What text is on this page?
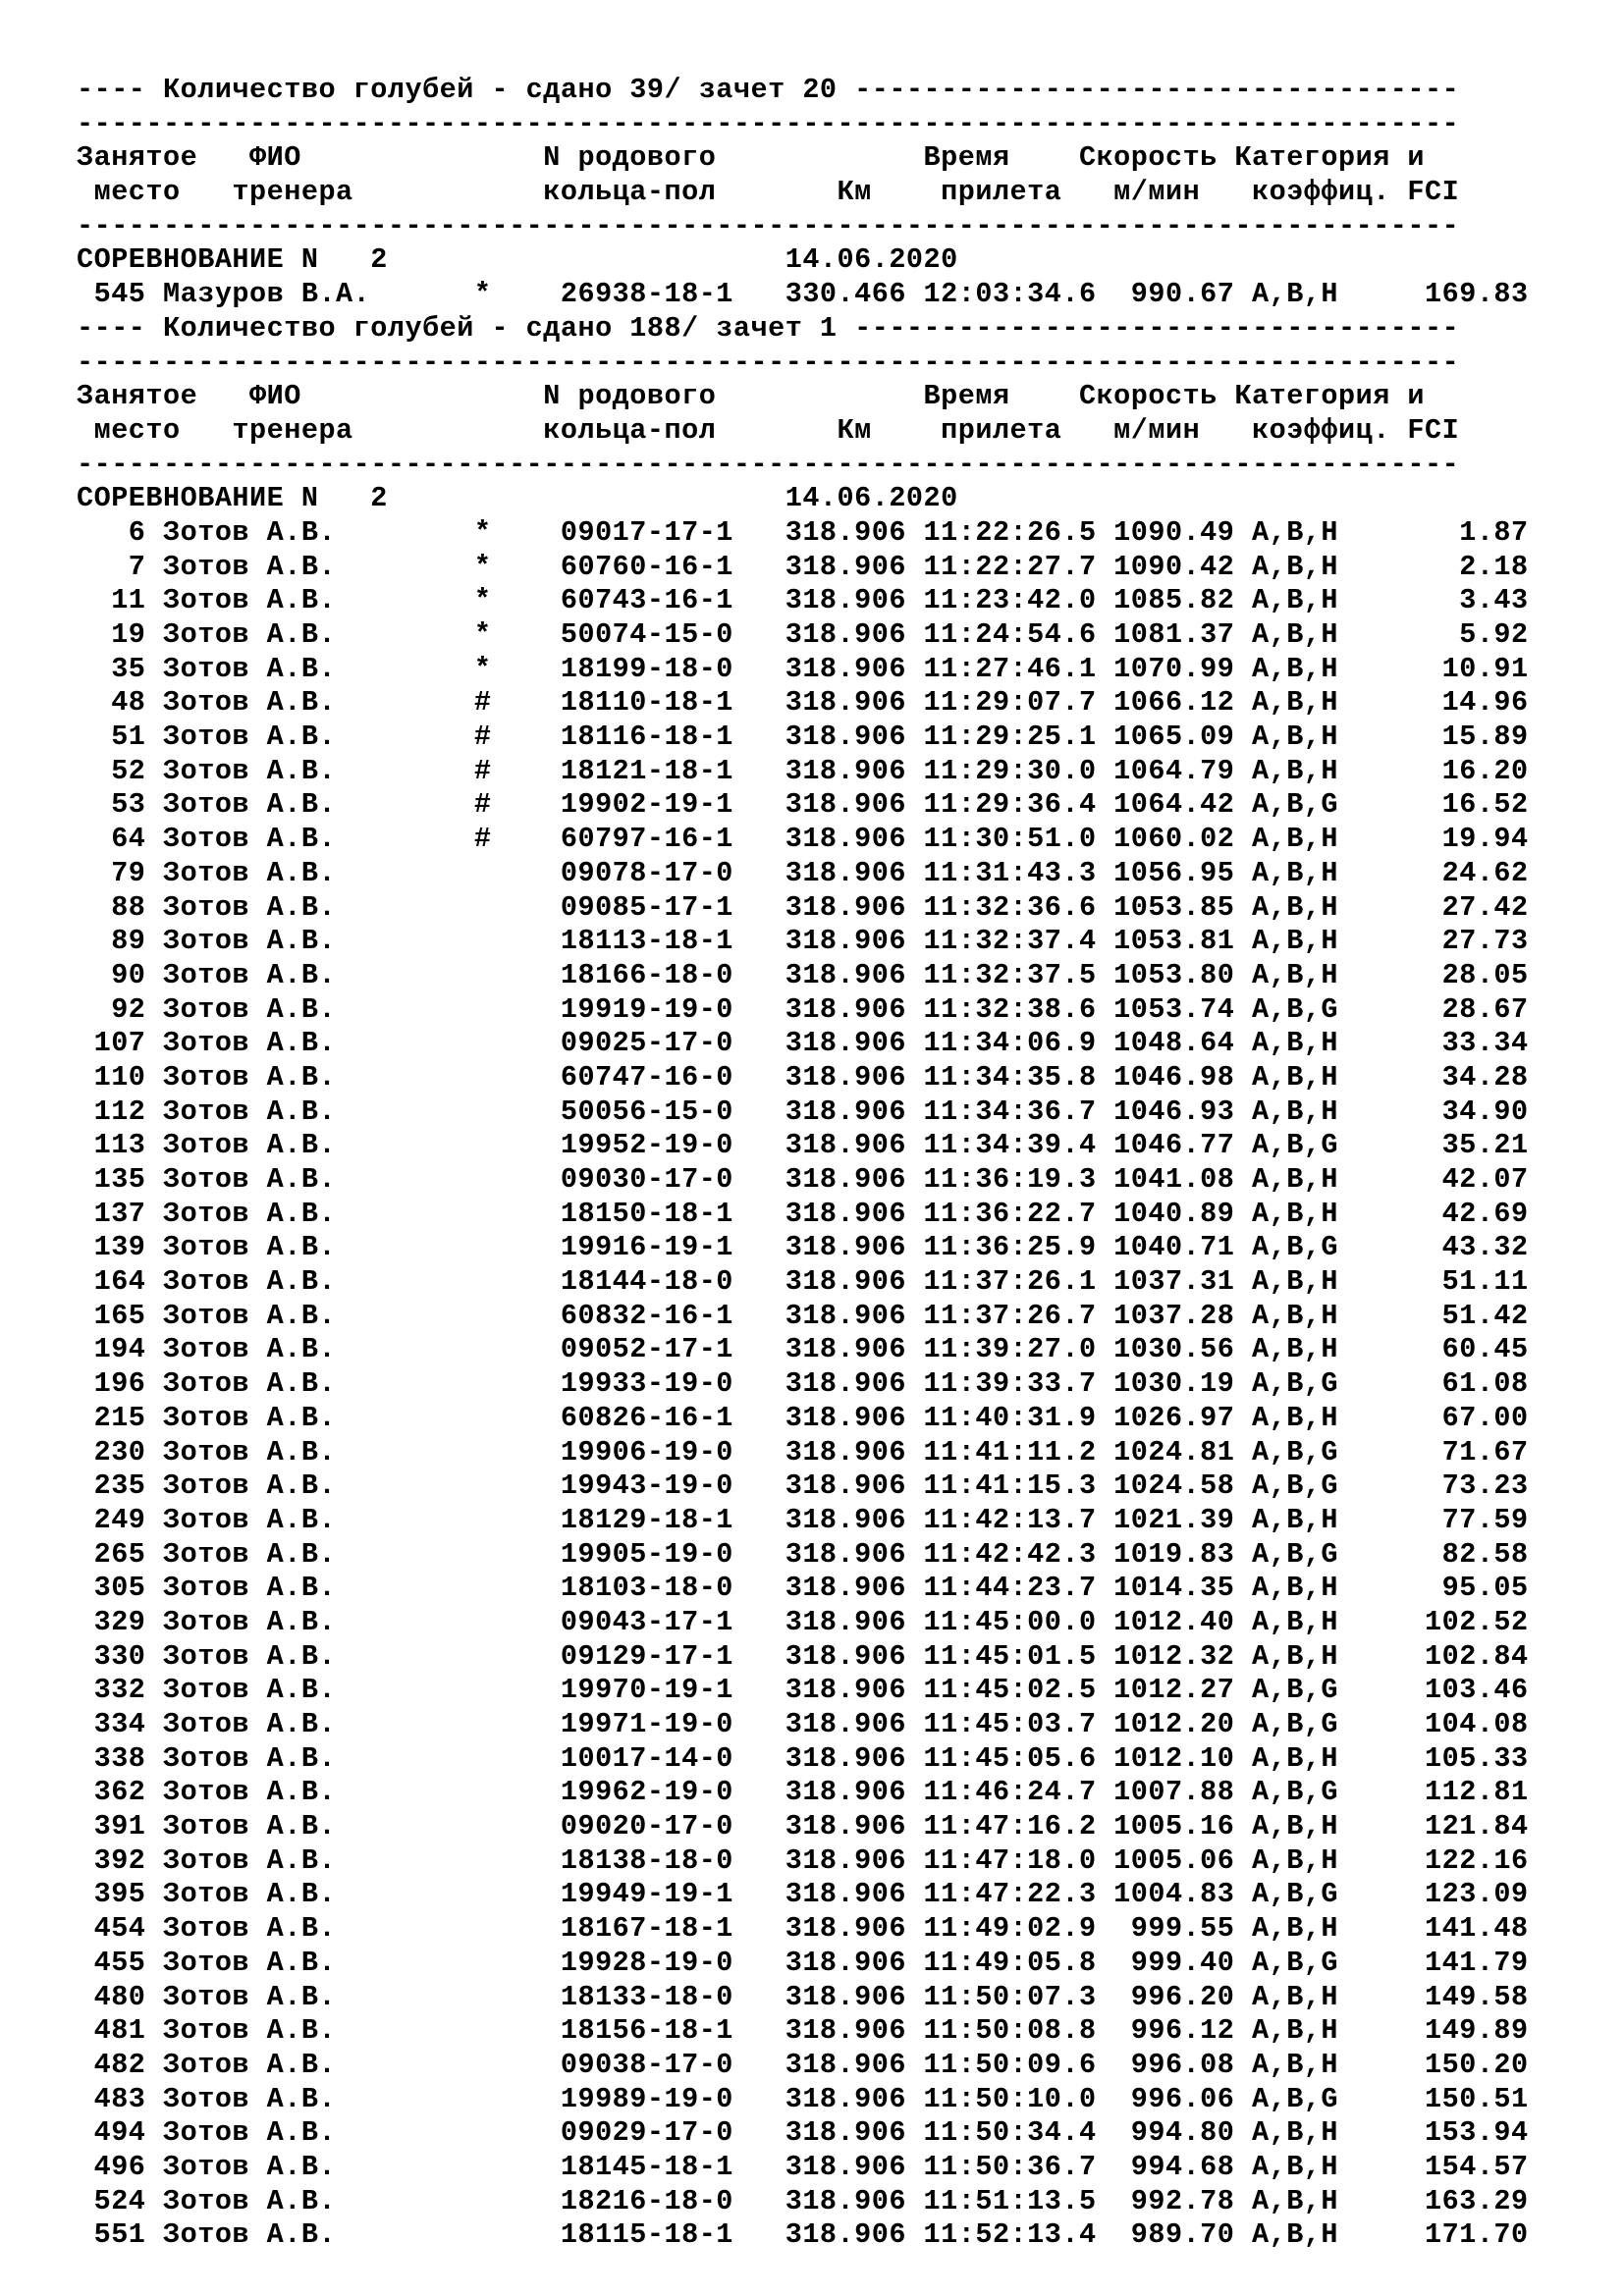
---- Количество голубей - сдано 39/ зачет 20 -----------------------------------
--------------------------------------------------------------------------------
Занятое   ФИО              N родового            Время    Скорость Категория и
место   тренера           кольца-пол       Км    прилета   м/мин   коэффиц. FCI
--------------------------------------------------------------------------------
СОРЕВНОВАНИЕ N   2                       14.06.2020
545 Мазуров В.А.      *    26938-18-1   330.466 12:03:34.6  990.67 A,B,H     169.83
---- Количество голубей - сдано 188/ зачет 1 -----------------------------------
--------------------------------------------------------------------------------
Занятое   ФИО              N родового            Время    Скорость Категория и
место   тренера           кольца-пол       Км    прилета   м/мин   коэффиц. FCI
--------------------------------------------------------------------------------
СОРЕВНОВАНИЕ N   2                       14.06.2020
6 Зотов А.В.        *    09017-17-1   318.906 11:22:26.5 1090.49 A,B,H       1.87
7 Зотов А.В.        *    60760-16-1   318.906 11:22:27.7 1090.42 A,B,H       2.18
11 Зотов А.В.        *    60743-16-1   318.906 11:23:42.0 1085.82 A,B,H       3.43
19 Зотов А.В.        *    50074-15-0   318.906 11:24:54.6 1081.37 A,B,H       5.92
35 Зотов А.В.        *    18199-18-0   318.906 11:27:46.1 1070.99 A,B,H      10.91
48 Зотов А.В.        #    18110-18-1   318.906 11:29:07.7 1066.12 A,B,H      14.96
51 Зотов А.В.        #    18116-18-1   318.906 11:29:25.1 1065.09 A,B,H      15.89
52 Зотов А.В.        #    18121-18-1   318.906 11:29:30.0 1064.79 A,B,H      16.20
53 Зотов А.В.        #    19902-19-1   318.906 11:29:36.4 1064.42 A,B,G      16.52
64 Зотов А.В.        #    60797-16-1   318.906 11:30:51.0 1060.02 A,B,H      19.94
79 Зотов А.В.             09078-17-0   318.906 11:31:43.3 1056.95 A,B,H      24.62
88 Зотов А.В.             09085-17-1   318.906 11:32:36.6 1053.85 A,B,H      27.42
89 Зотов А.В.             18113-18-1   318.906 11:32:37.4 1053.81 A,B,H      27.73
90 Зотов А.В.             18166-18-0   318.906 11:32:37.5 1053.80 A,B,H      28.05
92 Зотов А.В.             19919-19-0   318.906 11:32:38.6 1053.74 A,B,G      28.67
107 Зотов А.В.             09025-17-0   318.906 11:34:06.9 1048.64 A,B,H      33.34
110 Зотов А.В.             60747-16-0   318.906 11:34:35.8 1046.98 A,B,H      34.28
112 Зотов А.В.             50056-15-0   318.906 11:34:36.7 1046.93 A,B,H      34.90
113 Зотов А.В.             19952-19-0   318.906 11:34:39.4 1046.77 A,B,G      35.21
135 Зотов А.В.             09030-17-0   318.906 11:36:19.3 1041.08 A,B,H      42.07
137 Зотов А.В.             18150-18-1   318.906 11:36:22.7 1040.89 A,B,H      42.69
139 Зотов А.В.             19916-19-1   318.906 11:36:25.9 1040.71 A,B,G      43.32
164 Зотов А.В.             18144-18-0   318.906 11:37:26.1 1037.31 A,B,H      51.11
165 Зотов А.В.             60832-16-1   318.906 11:37:26.7 1037.28 A,B,H      51.42
194 Зотов А.В.             09052-17-1   318.906 11:39:27.0 1030.56 A,B,H      60.45
196 Зотов А.В.             19933-19-0   318.906 11:39:33.7 1030.19 A,B,G      61.08
215 Зотов А.В.             60826-16-1   318.906 11:40:31.9 1026.97 A,B,H      67.00
230 Зотов А.В.             19906-19-0   318.906 11:41:11.2 1024.81 A,B,G      71.67
235 Зотов А.В.             19943-19-0   318.906 11:41:15.3 1024.58 A,B,G      73.23
249 Зотов А.В.             18129-18-1   318.906 11:42:13.7 1021.39 A,B,H      77.59
265 Зотов А.В.             19905-19-0   318.906 11:42:42.3 1019.83 A,B,G      82.58
305 Зотов А.В.             18103-18-0   318.906 11:44:23.7 1014.35 A,B,H      95.05
329 Зотов А.В.             09043-17-1   318.906 11:45:00.0 1012.40 A,B,H     102.52
330 Зотов А.В.             09129-17-1   318.906 11:45:01.5 1012.32 A,B,H     102.84
332 Зотов А.В.             19970-19-1   318.906 11:45:02.5 1012.27 A,B,G     103.46
334 Зотов А.В.             19971-19-0   318.906 11:45:03.7 1012.20 A,B,G     104.08
338 Зотов А.В.             10017-14-0   318.906 11:45:05.6 1012.10 A,B,H     105.33
362 Зотов А.В.             19962-19-0   318.906 11:46:24.7 1007.88 A,B,G     112.81
391 Зотов А.В.             09020-17-0   318.906 11:47:16.2 1005.16 A,B,H     121.84
392 Зотов А.В.             18138-18-0   318.906 11:47:18.0 1005.06 A,B,H     122.16
395 Зотов А.В.             19949-19-1   318.906 11:47:22.3 1004.83 A,B,G     123.09
454 Зотов А.В.             18167-18-1   318.906 11:49:02.9  999.55 A,B,H     141.48
455 Зотов А.В.             19928-19-0   318.906 11:49:05.8  999.40 A,B,G     141.79
480 Зотов А.В.             18133-18-0   318.906 11:50:07.3  996.20 A,B,H     149.58
481 Зотов А.В.             18156-18-1   318.906 11:50:08.8  996.12 A,B,H     149.89
482 Зотов А.В.             09038-17-0   318.906 11:50:09.6  996.08 A,B,H     150.20
483 Зотов А.В.             19989-19-0   318.906 11:50:10.0  996.06 A,B,G     150.51
494 Зотов А.В.             09029-17-0   318.906 11:50:34.4  994.80 A,B,H     153.94
496 Зотов А.В.             18145-18-1   318.906 11:50:36.7  994.68 A,B,H     154.57
524 Зотов А.В.             18216-18-0   318.906 11:51:13.5  992.78 A,B,H     163.29
551 Зотов А.В.             18115-18-1   318.906 11:52:13.4  989.70 A,B,H     171.70
